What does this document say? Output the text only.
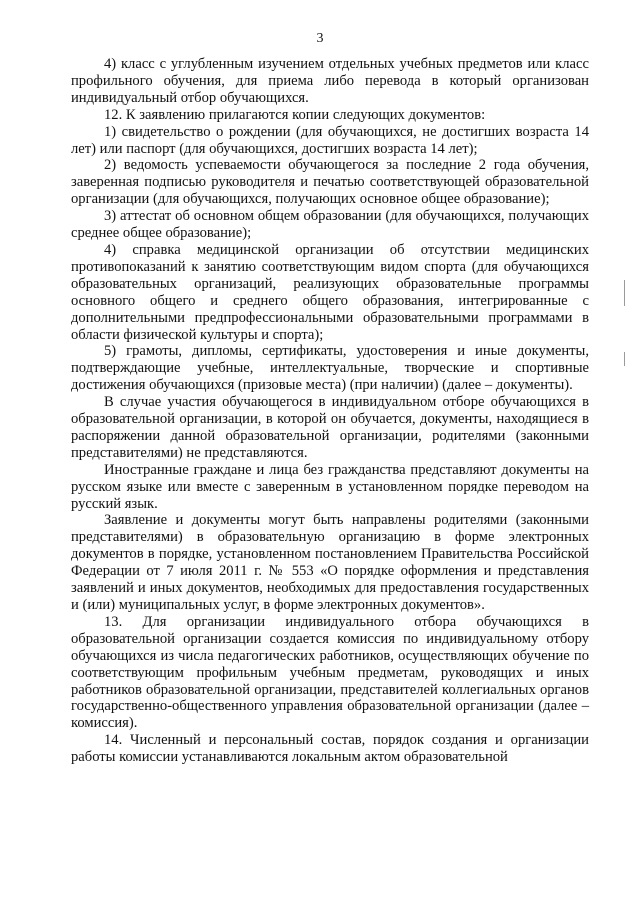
3

4) класс с углубленным изучением отдельных учебных предметов или класс профильного обучения, для приема либо перевода в который организован индивидуальный отбор обучающихся.

12. К заявлению прилагаются копии следующих документов:

1) свидетельство о рождении (для обучающихся, не достигших возраста 14 лет) или паспорт (для обучающихся, достигших возраста 14 лет);

2) ведомость успеваемости обучающегося за последние 2 года обучения, заверенная подписью руководителя и печатью соответствующей образовательной организации (для обучающихся, получающих основное общее образование);

3) аттестат об основном общем образовании (для обучающихся, получающих среднее общее образование);

4) справка медицинской организации об отсутствии медицинских противопоказаний к занятию соответствующим видом спорта (для обучающихся образовательных организаций, реализующих образовательные программы основного общего и среднего общего образования, интегрированные с дополнительными предпрофессиональными образовательными программами в области физической культуры и спорта);

5) грамоты, дипломы, сертификаты, удостоверения и иные документы, подтверждающие учебные, интеллектуальные, творческие и спортивные достижения обучающихся (призовые места) (при наличии) (далее – документы).

В случае участия обучающегося в индивидуальном отборе обучающихся в образовательной организации, в которой он обучается, документы, находящиеся в распоряжении данной образовательной организации, родителями (законными представителями) не представляются.

Иностранные граждане и лица без гражданства представляют документы на русском языке или вместе с заверенным в установленном порядке переводом на русский язык.

Заявление и документы могут быть направлены родителями (законными представителями) в образовательную организацию в форме электронных документов в порядке, установленном постановлением Правительства Российской Федерации от 7 июля 2011 г. № 553 «О порядке оформления и представления заявлений и иных документов, необходимых для предоставления государственных и (или) муниципальных услуг, в форме электронных документов».

13. Для организации индивидуального отбора обучающихся в образовательной организации создается комиссия по индивидуальному отбору обучающихся из числа педагогических работников, осуществляющих обучение по соответствующим профильным учебным предметам, руководящих и иных работников образовательной организации, представителей коллегиальных органов государственно-общественного управления образовательной организации (далее – комиссия).

14. Численный и персональный состав, порядок создания и организации работы комиссии устанавливаются локальным актом образовательной
